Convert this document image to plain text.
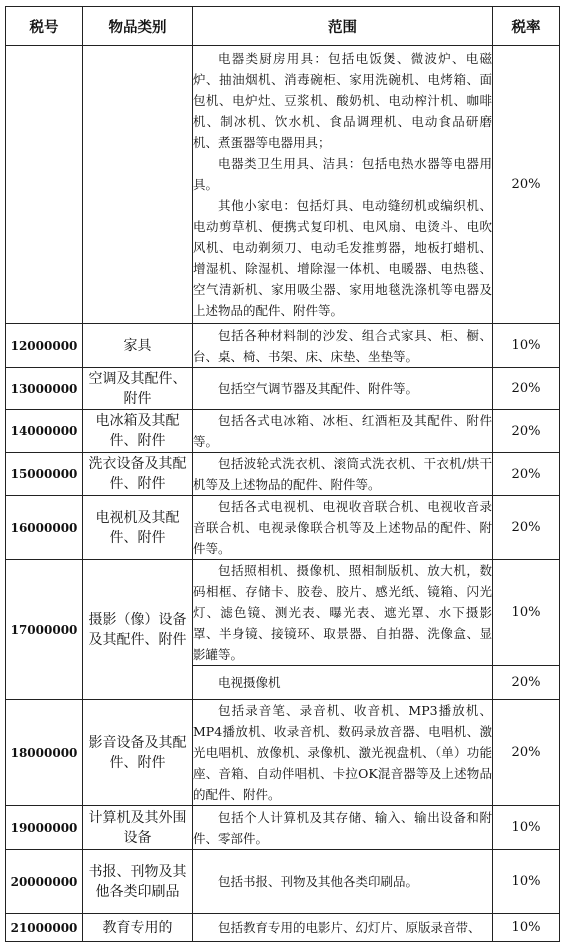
税号	物品类别	范围	税率

		电器类厨房用具：包括电饭煲、微波炉、电磁炉、抽油烟机、消毒碗柜、家用洗碗机、电烤箱、面包机、电炉灶、豆浆机、酸奶机、电动榨汁机、咖啡机、制冰机、饮水机、食品调理机、电动食品研磨机、煮蛋器等电器用具；

电器类卫生用具、洁具：包括电热水器等电器用具。

其他小家电：包括灯具、电动缝纫机或编织机、电动剪草机、便携式复印机、电风扇、电烫斗、电吹风机、电动剃须刀、电动毛发推剪器，地板打蜡机、增湿机、除湿机、增除湿一体机、电暖器、电热毯、空气清新机、家用吸尘器、家用地毯洗涤机等电器及上述物品的配件、附件等。	20%
12000000	家具	包括各种材料制的沙发、组合式家具、柜、橱、台、桌、椅、书架、床、床垫、坐垫等。	10%
13000000	空调及其配件、附件	包括空气调节器及其配件、附件等。	20%
14000000	电冰箱及其配件、附件	包括各式电冰箱、冰柜、红酒柜及其配件、附件等。	20%
15000000	洗衣设备及其配件、附件	包括波轮式洗衣机、滚筒式洗衣机、干衣机/烘干机等及上述物品的配件、附件等。	20%
16000000	电视机及其配件、附件	包括各式电视机、电视收音联合机、电视收音录音联合机、电视录像联合机等及上述物品的配件、附件等。	20%
17000000	摄影（像）设备及其配件、附件	包括照相机、摄像机、照相制版机、放大机，数码相框、存储卡、胶卷、胶片、感光纸、镜箱、闪光灯、滤色镜、测光表、曝光表、遮光罩、水下摄影罩、半身镜、接镜环、取景器、自拍器、洗像盒、显影罐等。	10%

		电视摄像机	20%
18000000	影音设备及其配件、附件	包括录音笔、录音机、收音机、MP3播放机、MP4播放机、收录音机、数码录放音器、电唱机、激光电唱机、放像机、录像机、激光视盘机、（单）功能座、音箱、自动伴唱机、卡拉OK混音器等及上述物品的配件、附件。	20%
19000000	计算机及其外围设备	包括个人计算机及其存储、输入、输出设备和附件、零部件。	10%
20000000	书报、刊物及其他各类印刷品	包括书报、刊物及其他各类印刷品。	10%
21000000	教育专用的	包括教育专用的电影片、幻灯片、原版录音带、	10%
